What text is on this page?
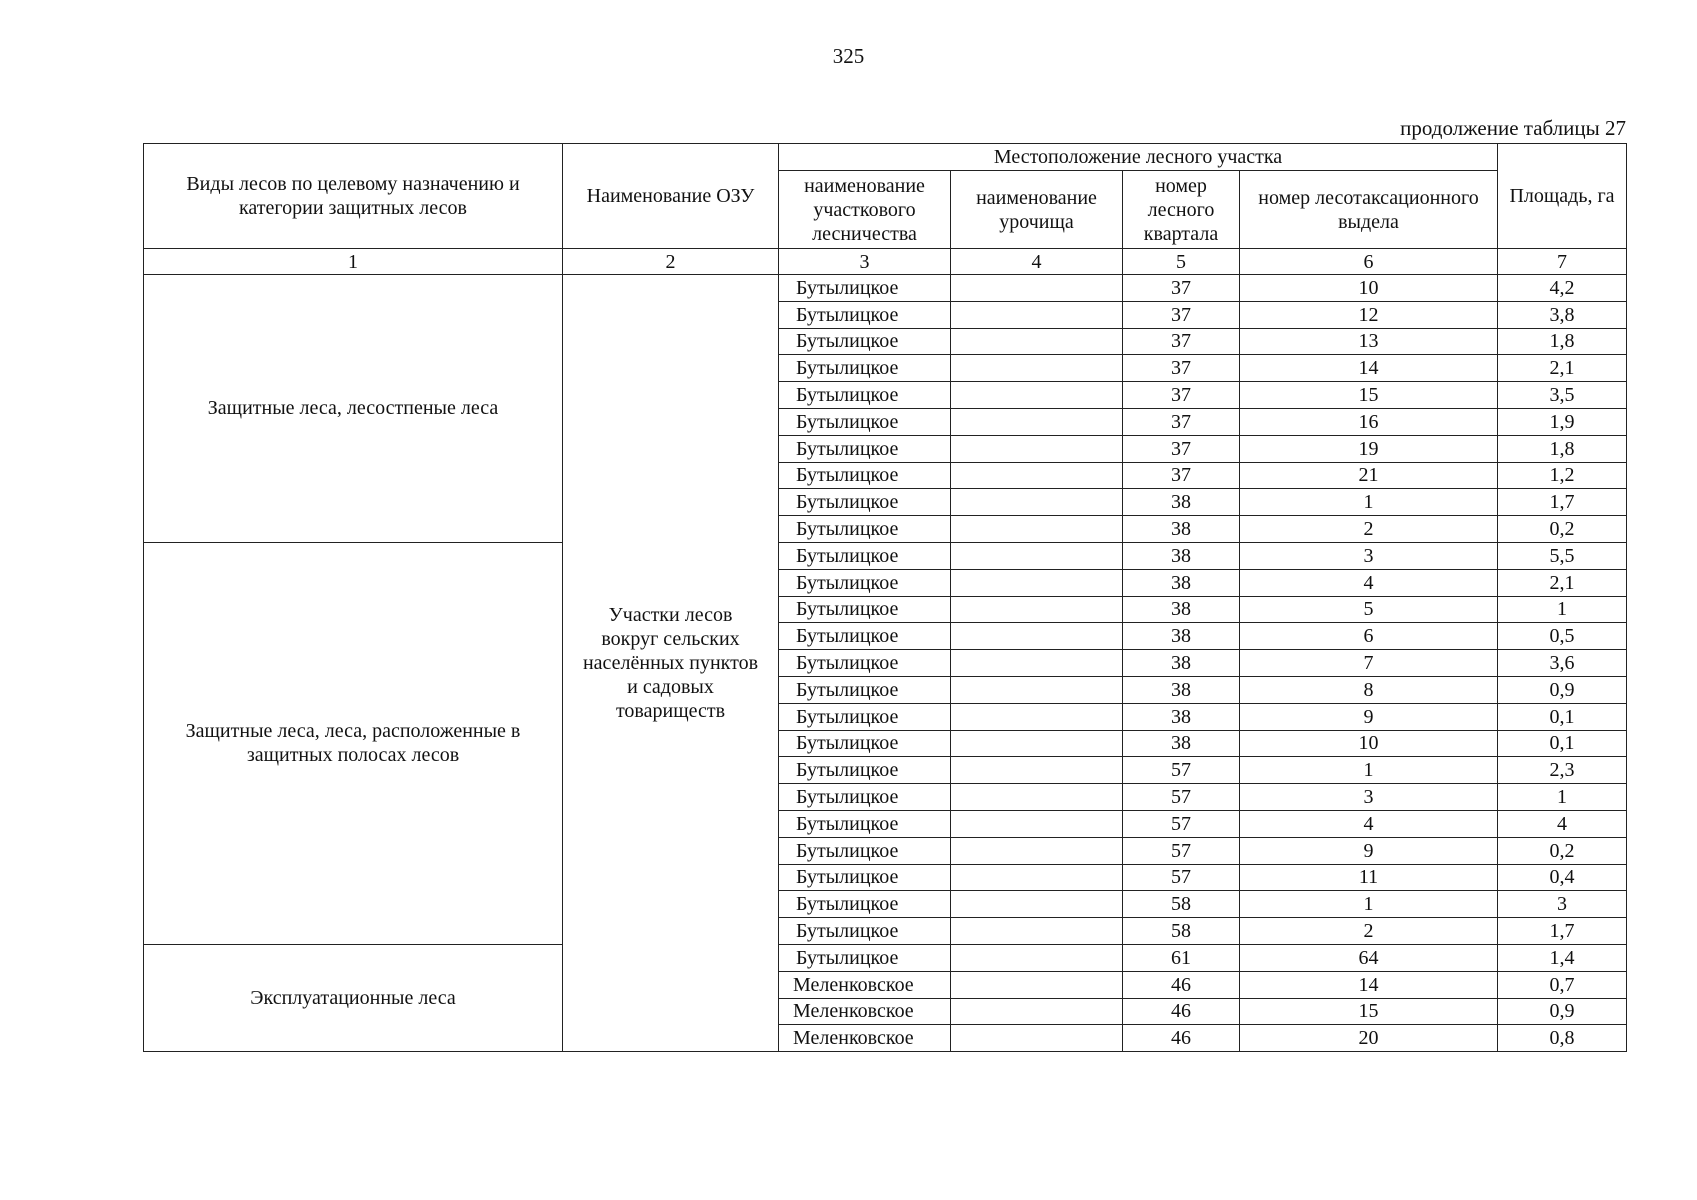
325
продолжение таблицы 27
Виды лесов по целевому назначению и категории защитных лесов	Наименование ОЗУ	Местоположение лесного участка				Площадь, га
		наименование участкового лесничества	наименование урочища	номер лесного квартала	номер лесотаксационного выдела	
1	2	3	4	5	6	7
Защитные леса, лесостпеные леса	Участки лесов вокруг сельских населённых пунктов и садовых товариществ	Бутылицкое		37	10	4,2
		Бутылицкое		37	12	3,8
		Бутылицкое		37	13	1,8
		Бутылицкое		37	14	2,1
		Бутылицкое		37	15	3,5
		Бутылицкое		37	16	1,9
		Бутылицкое		37	19	1,8
		Бутылицкое		37	21	1,2
		Бутылицкое		38	1	1,7
		Бутылицкое		38	2	0,2
Защитные леса, леса, расположенные в защитных полосах лесов		Бутылицкое		38	3	5,5
		Бутылицкое		38	4	2,1
		Бутылицкое		38	5	1
		Бутылицкое		38	6	0,5
		Бутылицкое		38	7	3,6
		Бутылицкое		38	8	0,9
		Бутылицкое		38	9	0,1
		Бутылицкое		38	10	0,1
		Бутылицкое		57	1	2,3
		Бутылицкое		57	3	1
		Бутылицкое		57	4	4
		Бутылицкое		57	9	0,2
		Бутылицкое		57	11	0,4
		Бутылицкое		58	1	3
		Бутылицкое		58	2	1,7
Эксплуатационные леса		Бутылицкое		61	64	1,4
		Меленковское		46	14	0,7
		Меленковское		46	15	0,9
		Меленковское		46	20	0,8
